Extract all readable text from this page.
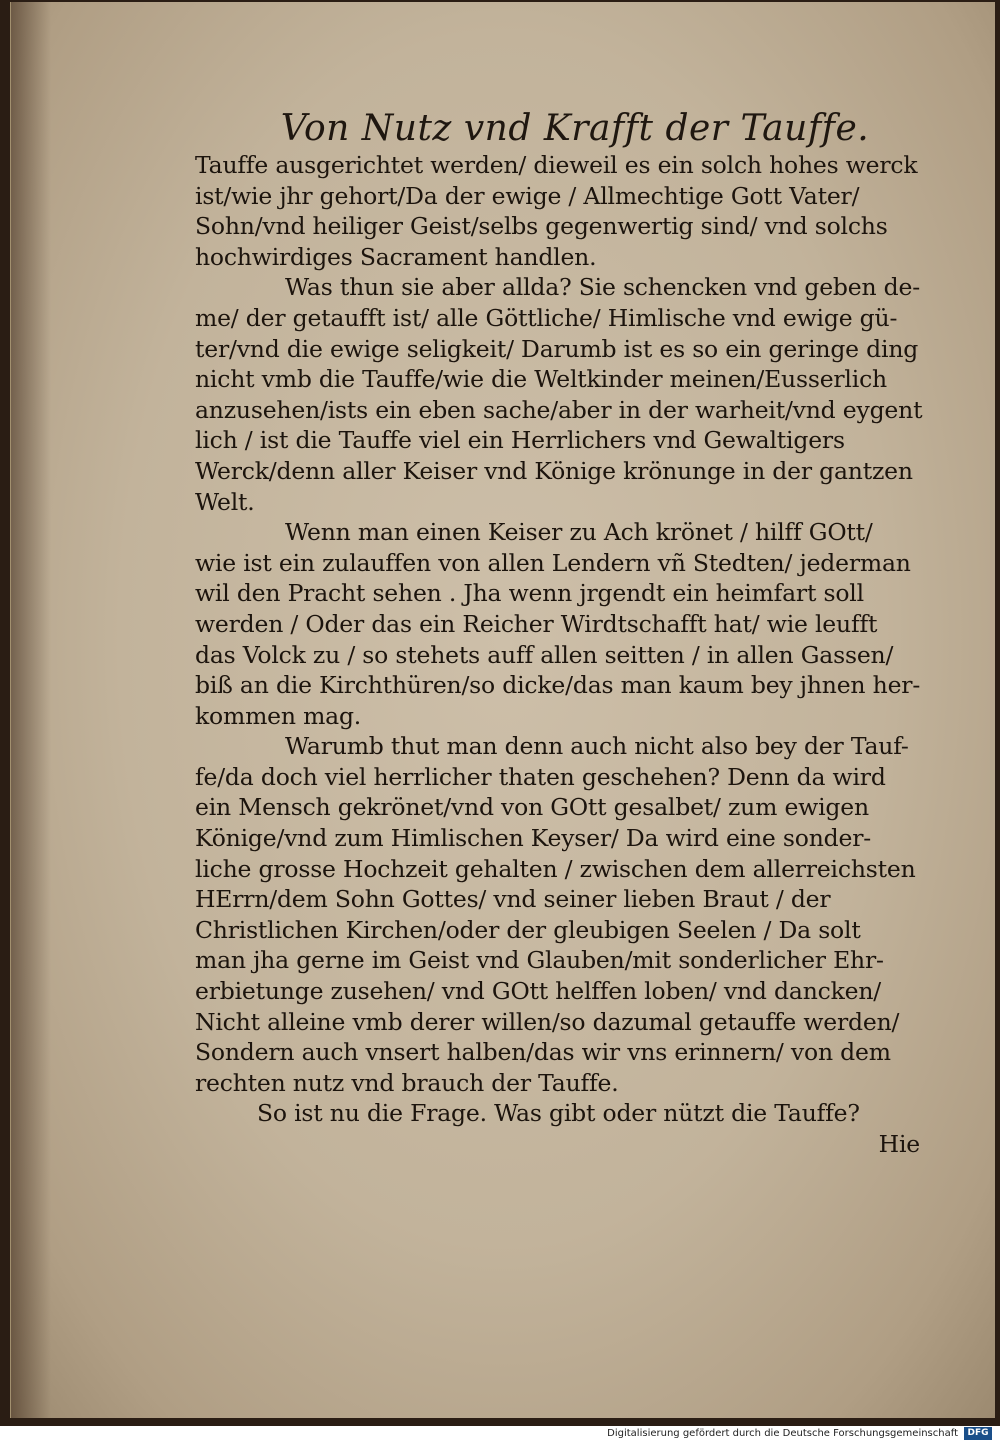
Von Nutz vnd Krafft der Tauffe.
Tauffe ausgerichtet werden/ dieweil es ein solch hohes werck
ist/wie jhr gehort/Da der ewige / Allmechtige Gott Vater/
Sohn/vnd heiliger Geist/selbs gegenwertig sind/ vnd solchs
hochwirdiges Sacrament handlen.
Was thun sie aber allda? Sie schencken vnd geben de-
me/ der getaufft ist/ alle Göttliche/ Himlische vnd ewige gü-
ter/vnd die ewige seligkeit/ Darumb ist es so ein geringe ding
nicht vmb die Tauffe/wie die Weltkinder meinen/Eusserlich
anzusehen/ists ein eben sache/aber in der warheit/vnd eygent
lich / ist die Tauffe viel ein Herrlichers vnd Gewaltigers
Werck/denn aller Keiser vnd Könige krönunge in der gantzen
Welt.
Wenn man einen Keiser zu Ach krönet / hilff GOtt/
wie ist ein zulauffen von allen Lendern vñ Stedten/ jederman
wil den Pracht sehen . Jha wenn jrgendt ein heimfart soll
werden / Oder das ein Reicher Wirdtschafft hat/ wie leufft
das Volck zu / so stehets auff allen seitten / in allen Gassen/
biß an die Kirchthüren/so dicke/das man kaum bey jhnen her-
kommen mag.
Warumb thut man denn auch nicht also bey der Tauf-
fe/da doch viel herrlicher thaten geschehen? Denn da wird
ein Mensch gekrönet/vnd von GOtt gesalbet/ zum ewigen
Könige/vnd zum Himlischen Keyser/ Da wird eine sonder-
liche grosse Hochzeit gehalten / zwischen dem allerreichsten
HErrn/dem Sohn Gottes/ vnd seiner lieben Braut / der
Christlichen Kirchen/oder der gleubigen Seelen / Da solt
man jha gerne im Geist vnd Glauben/mit sonderlicher Ehr-
erbietunge zusehen/ vnd GOtt helffen loben/ vnd dancken/
Nicht alleine vmb derer willen/so dazumal getauffe werden/
Sondern auch vnsert halben/das wir vns erinnern/ von dem
rechten nutz vnd brauch der Tauffe.
So ist nu die Frage. Was gibt oder nützt die Tauffe?
Hie
Digitalisierung gefördert durch die Deutsche Forschungsgemeinschaft	DFG
